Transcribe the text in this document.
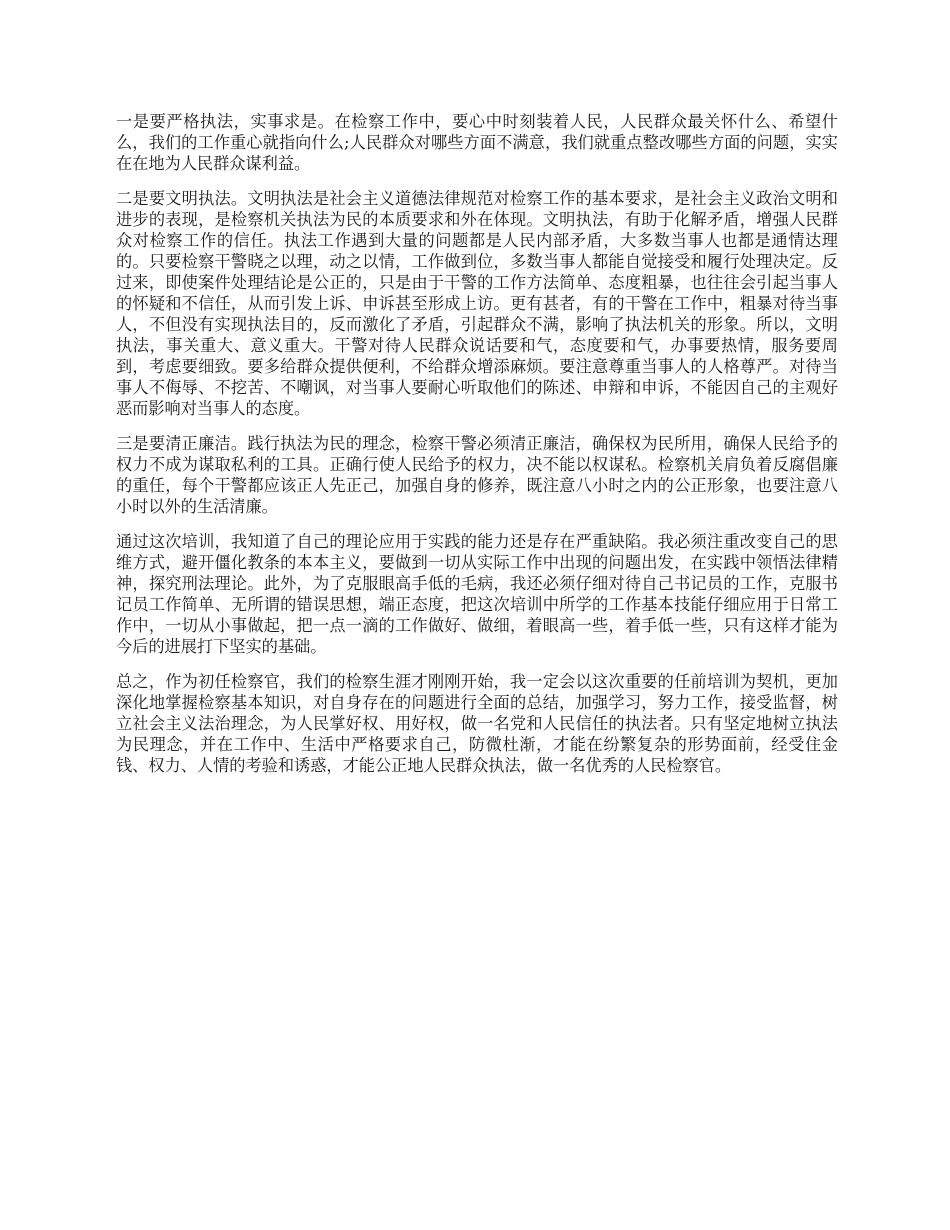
一是要严格执法，实事求是。在检察工作中，要心中时刻装着人民，人民群众最关怀什么、希望什么，我们的工作重心就指向什么;人民群众对哪些方面不满意，我们就重点整改哪些方面的问题，实实在在地为人民群众谋利益。

二是要文明执法。文明执法是社会主义道德法律规范对检察工作的基本要求，是社会主义政治文明和进步的表现，是检察机关执法为民的本质要求和外在体现。文明执法，有助于化解矛盾，增强人民群众对检察工作的信任。执法工作遇到大量的问题都是人民内部矛盾，大多数当事人也都是通情达理的。只要检察干警晓之以理，动之以情，工作做到位，多数当事人都能自觉接受和履行处理决定。反过来，即使案件处理结论是公正的，只是由于干警的工作方法简单、态度粗暴，也往往会引起当事人的怀疑和不信任，从而引发上诉、申诉甚至形成上访。更有甚者，有的干警在工作中，粗暴对待当事人，不但没有实现执法目的，反而激化了矛盾，引起群众不满，影响了执法机关的形象。所以，文明执法，事关重大、意义重大。干警对待人民群众说话要和气，态度要和气，办事要热情，服务要周到，考虑要细致。要多给群众提供便利，不给群众增添麻烦。要注意尊重当事人的人格尊严。对待当事人不侮辱、不挖苦、不嘲讽，对当事人要耐心听取他们的陈述、申辩和申诉，不能因自己的主观好恶而影响对当事人的态度。

三是要清正廉洁。践行执法为民的理念，检察干警必须清正廉洁，确保权为民所用，确保人民给予的权力不成为谋取私利的工具。正确行使人民给予的权力，决不能以权谋私。检察机关肩负着反腐倡廉的重任，每个干警都应该正人先正己，加强自身的修养，既注意八小时之内的公正形象，也要注意八小时以外的生活清廉。

通过这次培训，我知道了自己的理论应用于实践的能力还是存在严重缺陷。我必须注重改变自己的思维方式，避开僵化教条的本本主义，要做到一切从实际工作中出现的问题出发，在实践中领悟法律精神，探究刑法理论。此外，为了克服眼高手低的毛病，我还必须仔细对待自己书记员的工作，克服书记员工作简单、无所谓的错误思想，端正态度，把这次培训中所学的工作基本技能仔细应用于日常工作中，一切从小事做起，把一点一滴的工作做好、做细，着眼高一些，着手低一些，只有这样才能为今后的进展打下坚实的基础。

总之，作为初任检察官，我们的检察生涯才刚刚开始，我一定会以这次重要的任前培训为契机，更加深化地掌握检察基本知识，对自身存在的问题进行全面的总结，加强学习，努力工作，接受监督，树立社会主义法治理念，为人民掌好权、用好权，做一名党和人民信任的执法者。只有坚定地树立执法为民理念，并在工作中、生活中严格要求自己，防微杜渐，才能在纷繁复杂的形势面前，经受住金 钱、权力、人情的考验和诱惑，才能公正地人民群众执法，做一名优秀的人民检察官。
